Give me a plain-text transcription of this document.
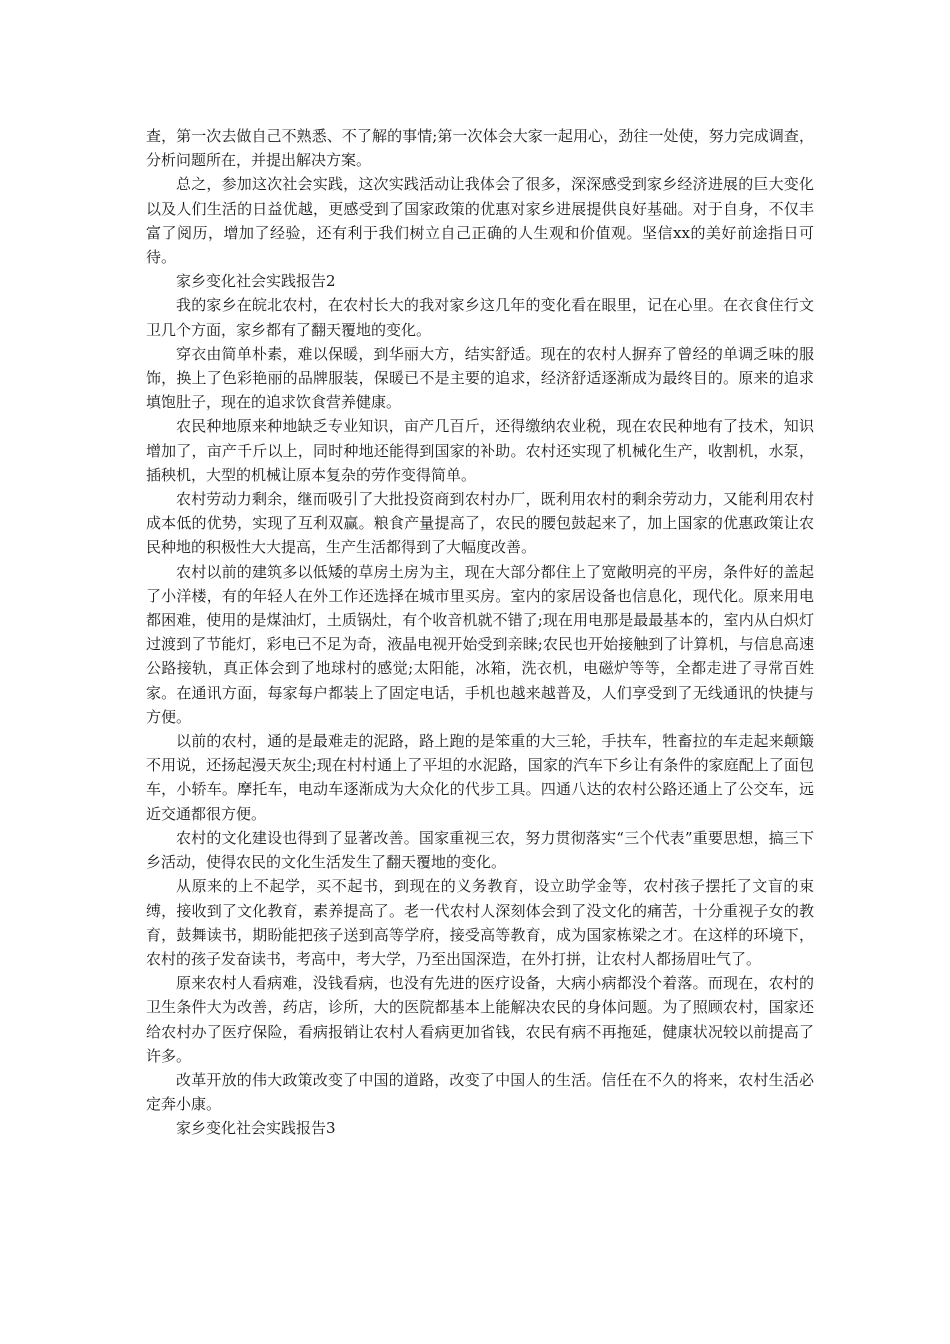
查，第一次去做自己不熟悉、不了解的事情;第一次体会大家一起用心，劲往一处使，努力完成调查，分析问题所在，并提出解决方案。

总之，参加这次社会实践，这次实践活动让我体会了很多，深深感受到家乡经济进展的巨大变化以及人们生活的日益优越，更感受到了国家政策的优惠对家乡进展提供良好基础。对于自身，不仅丰富了阅历，增加了经验，还有利于我们树立自己正确的人生观和价值观。坚信xx的美好前途指日可待。

家乡变化社会实践报告2

我的家乡在皖北农村，在农村长大的我对家乡这几年的变化看在眼里，记在心里。在衣食住行文卫几个方面，家乡都有了翻天覆地的变化。

穿衣由简单朴素，难以保暖，到华丽大方，结实舒适。现在的农村人摒弃了曾经的单调乏味的服饰，换上了色彩艳丽的品牌服装，保暖已不是主要的追求，经济舒适逐渐成为最终目的。原来的追求填饱肚子，现在的追求饮食营养健康。

农民种地原来种地缺乏专业知识，亩产几百斤，还得缴纳农业税，现在农民种地有了技术，知识增加了，亩产千斤以上，同时种地还能得到国家的补助。农村还实现了机械化生产，收割机，水泵，插秧机，大型的机械让原本复杂的劳作变得简单。

农村劳动力剩余，继而吸引了大批投资商到农村办厂，既利用农村的剩余劳动力，又能利用农村成本低的优势，实现了互利双赢。粮食产量提高了，农民的腰包鼓起来了，加上国家的优惠政策让农民种地的积极性大大提高，生产生活都得到了大幅度改善。

农村以前的建筑多以低矮的草房土房为主，现在大部分都住上了宽敞明亮的平房，条件好的盖起了小洋楼，有的年轻人在外工作还选择在城市里买房。室内的家居设备也信息化，现代化。原来用电都困难，使用的是煤油灯，土质锅灶，有个收音机就不错了;现在用电那是最最基本的，室内从白炽灯过渡到了节能灯，彩电已不足为奇，液晶电视开始受到亲睐;农民也开始接触到了计算机，与信息高速公路接轨，真正体会到了地球村的感觉;太阳能，冰箱，洗衣机，电磁炉等等，全都走进了寻常百姓家。在通讯方面，每家每户都装上了固定电话，手机也越来越普及，人们享受到了无线通讯的快捷与方便。

以前的农村，通的是最难走的泥路，路上跑的是笨重的大三轮，手扶车，牲畜拉的车走起来颠簸不用说，还扬起漫天灰尘;现在村村通上了平坦的水泥路，国家的汽车下乡让有条件的家庭配上了面包车，小轿车。摩托车，电动车逐渐成为大众化的代步工具。四通八达的农村公路还通上了公交车，远近交通都很方便。

农村的文化建设也得到了显著改善。国家重视三农，努力贯彻落实“三个代表”重要思想，搞三下乡活动，使得农民的文化生活发生了翻天覆地的变化。

从原来的上不起学，买不起书，到现在的义务教育，设立助学金等，农村孩子摆托了文盲的束缚，接收到了文化教育，素养提高了。老一代农村人深刻体会到了没文化的痛苦，十分重视子女的教育，鼓舞读书，期盼能把孩子送到高等学府，接受高等教育，成为国家栋梁之才。在这样的环境下，农村的孩子发奋读书，考高中，考大学，乃至出国深造，在外打拼，让农村人都扬眉吐气了。

原来农村人看病难，没钱看病，也没有先进的医疗设备，大病小病都没个着落。而现在，农村的卫生条件大为改善，药店，诊所，大的医院都基本上能解决农民的身体问题。为了照顾农村，国家还给农村办了医疗保险，看病报销让农村人看病更加省钱，农民有病不再拖延，健康状况较以前提高了许多。

改革开放的伟大政策改变了中国的道路，改变了中国人的生活。信任在不久的将来，农村生活必定奔小康。

家乡变化社会实践报告3
